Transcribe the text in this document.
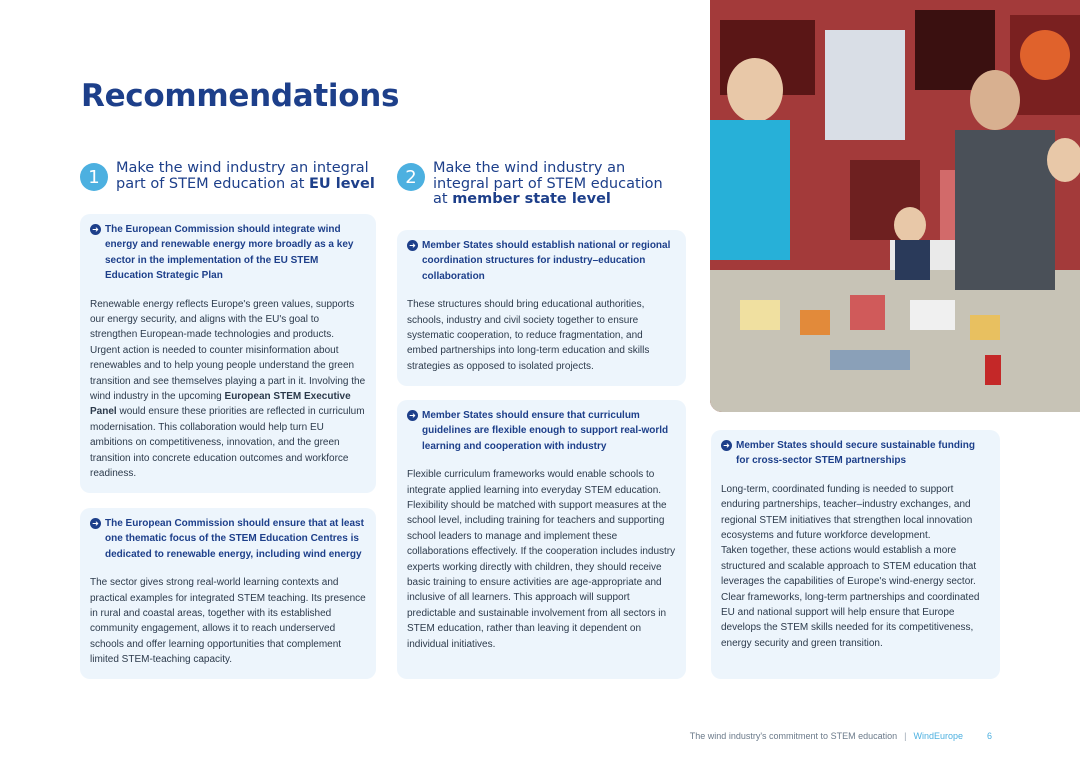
Recommendations
1	Make the wind industry an integral
part of STEM education at EU level	2	Make the wind industry an
integral part of STEM education
at member state level
➜ The European Commission should integrate wind energy and renewable energy more broadly as a key sector in the implementation of the EU STEM Education Strategic Plan
Renewable energy reflects Europe's green values, supports our energy security, and aligns with the EU's goal to strengthen European-made technologies and products. Urgent action is needed to counter misinformation about renewables and to help young people understand the green transition and see themselves playing a part in it. Involving the wind industry in the upcoming European STEM Executive Panel would ensure these priorities are reflected in curriculum modernisation. This collaboration would help turn EU ambitions on competitiveness, innovation, and the green transition into concrete education outcomes and workforce readiness.
➜ The European Commission should ensure that at least one thematic focus of the STEM Education Centres is dedicated to renewable energy, including wind energy
The sector gives strong real-world learning contexts and practical examples for integrated STEM teaching. Its presence in rural and coastal areas, together with its established community engagement, allows it to reach underserved schools and offer learning opportunities that complement limited STEM-teaching capacity.
➜ Member States should establish national or regional coordination structures for industry–education collaboration
These structures should bring educational authorities, schools, industry and civil society together to ensure systematic cooperation, to reduce fragmentation, and embed partnerships into long-term education and skills strategies as opposed to isolated projects.
➜ Member States should ensure that curriculum guidelines are flexible enough to support real-world learning and cooperation with industry
Flexible curriculum frameworks would enable schools to integrate applied learning into everyday STEM education. Flexibility should be matched with support measures at the school level, including training for teachers and supporting school leaders to manage and implement these collaborations effectively. If the cooperation includes industry experts working directly with children, they should receive basic training to ensure activities are age-appropriate and inclusive of all learners. This approach will support predictable and sustainable involvement from all sectors in STEM education, rather than leaving it dependent on individual initiatives.
➜ Member States should secure sustainable funding for cross-sector STEM partnerships
Long-term, coordinated funding is needed to support enduring partnerships, teacher–industry exchanges, and regional STEM initiatives that strengthen local innovation ecosystems and future workforce development.
Taken together, these actions would establish a more structured and scalable approach to STEM education that leverages the capabilities of Europe's wind-energy sector. Clear frameworks, long-term partnerships and coordinated EU and national support will help ensure that Europe develops the STEM skills needed for its competitiveness, energy security and green transition.
The wind industry's commitment to STEM education | WindEurope	6
